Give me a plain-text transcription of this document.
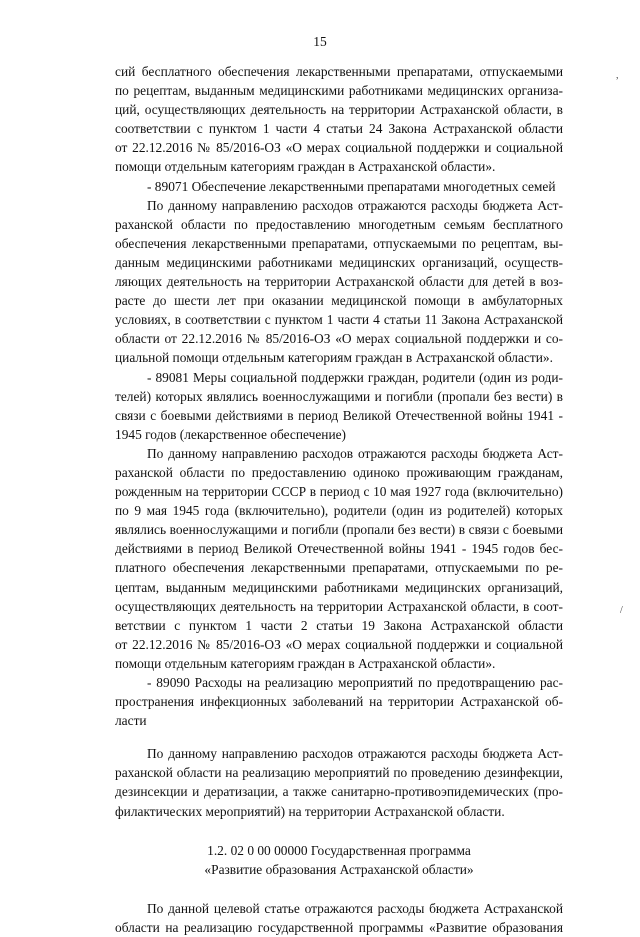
15
сий бесплатного обеспечения лекарственными препаратами, отпускаемыми
по рецептам, выданным медицинскими работниками медицинских организа-
ций, осуществляющих деятельность на территории Астраханской области, в
соответствии с пунктом 1 части 4 статьи 24 Закона Астраханской области
от 22.12.2016 № 85/2016-ОЗ «О мерах социальной поддержки и социальной
помощи отдельным категориям граждан в Астраханской области».
- 89071 Обеспечение лекарственными препаратами многодетных семей
По данному направлению расходов отражаются расходы бюджета Аст-
раханской области по предоставлению многодетным семьям бесплатного
обеспечения лекарственными препаратами, отпускаемыми по рецептам, вы-
данным медицинскими работниками медицинских организаций, осуществ-
ляющих деятельность на территории Астраханской области для детей в воз-
расте до шести лет при оказании медицинской помощи в амбулаторных
условиях, в соответствии с пунктом 1 части 4 статьи 11 Закона Астраханской
области от 22.12.2016 № 85/2016-ОЗ «О мерах социальной поддержки и со-
циальной помощи отдельным категориям граждан в Астраханской области».
- 89081 Меры социальной поддержки граждан, родители (один из роди-
телей) которых являлись военнослужащими и погибли (пропали без вести) в
связи с боевыми действиями в период Великой Отечественной войны 1941 -
1945 годов (лекарственное обеспечение)
По данному направлению расходов отражаются расходы бюджета Аст-
раханской области по предоставлению одиноко проживающим гражданам,
рожденным на территории СССР в период с 10 мая 1927 года (включительно)
по 9 мая 1945 года (включительно), родители (один из родителей) которых
являлись военнослужащими и погибли (пропали без вести) в связи с боевыми
действиями в период Великой Отечественной войны 1941 - 1945 годов бес-
платного обеспечения лекарственными препаратами, отпускаемыми по ре-
цептам, выданным медицинскими работниками медицинских организаций,
осуществляющих деятельность на территории Астраханской области, в соот-
ветствии с пунктом 1 части 2 статьи 19 Закона Астраханской области
от 22.12.2016 № 85/2016-ОЗ «О мерах социальной поддержки и социальной
помощи отдельным категориям граждан в Астраханской области».
- 89090 Расходы на реализацию мероприятий по предотвращению рас-
пространения инфекционных заболеваний на территории Астраханской об-
ласти
По данному направлению расходов отражаются расходы бюджета Аст-
раханской области на реализацию мероприятий по проведению дезинфекции,
дезинсекции и дератизации, а также санитарно-противоэпидемических (про-
филактических мероприятий) на территории Астраханской области.
1.2. 02 0 00 00000 Государственная программа
«Развитие образования Астраханской области»
По данной целевой статье отражаются расходы бюджета Астраханской
области на реализацию государственной программы «Развитие образования
,
/
